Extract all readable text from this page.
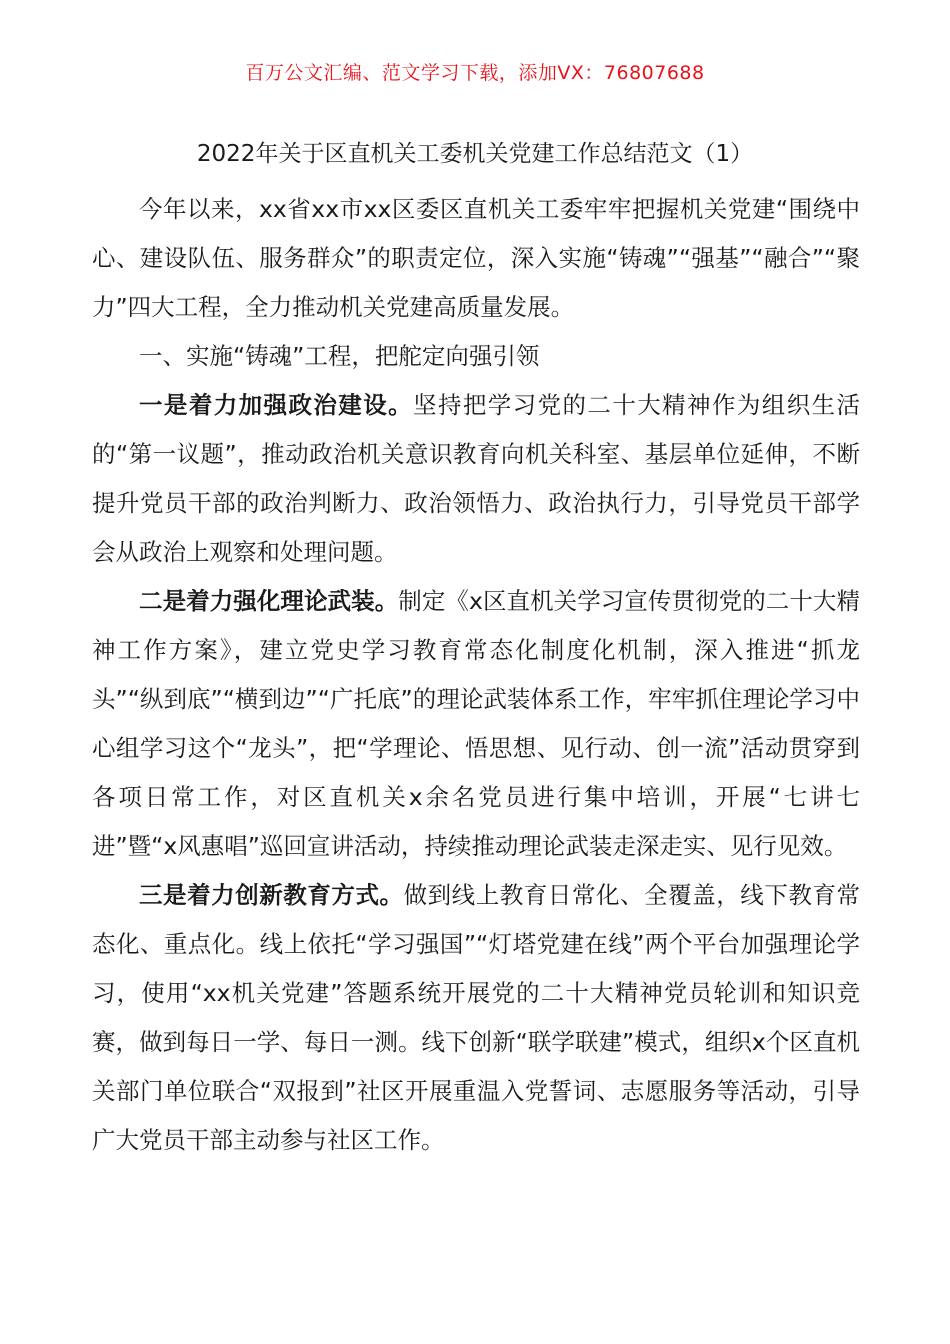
百万公文汇编、范文学习下载，添加VX：76807688
2022年关于区直机关工委机关党建工作总结范文（1）

今年以来，xx省xx市xx区委区直机关工委牢牢把握机关党建“围绕中心、建设队伍、服务群众”的职责定位，深入实施“铸魂”“强基”“融合”“聚力”四大工程，全力推动机关党建高质量发展。

一、实施“铸魂”工程，把舵定向强引领

一是着力加强政治建设。坚持把学习党的二十大精神作为组织生活的“第一议题”，推动政治机关意识教育向机关科室、基层单位延伸，不断提升党员干部的政治判断力、政治领悟力、政治执行力，引导党员干部学会从政治上观察和处理问题。

二是着力强化理论武装。制定《x区直机关学习宣传贯彻党的二十大精神工作方案》，建立党史学习教育常态化制度化机制，深入推进“抓龙头”“纵到底”“横到边”“广托底”的理论武装体系工作，牢牢抓住理论学习中心组学习这个“龙头”，把“学理论、悟思想、见行动、创一流”活动贯穿到各项日常工作，对区直机关x余名党员进行集中培训，开展“七讲七进”暨“x风惠唱”巡回宣讲活动，持续推动理论武装走深走实、见行见效。

三是着力创新教育方式。做到线上教育日常化、全覆盖，线下教育常态化、重点化。线上依托“学习强国”“灯塔党建在线”两个平台加强理论学习，使用“xx机关党建”答题系统开展党的二十大精神党员轮训和知识竞赛，做到每日一学、每日一测。线下创新“联学联建”模式，组织x个区直机关部门单位联合“双报到”社区开展重温入党誓词、志愿服务等活动，引导广大党员干部主动参与社区工作。
